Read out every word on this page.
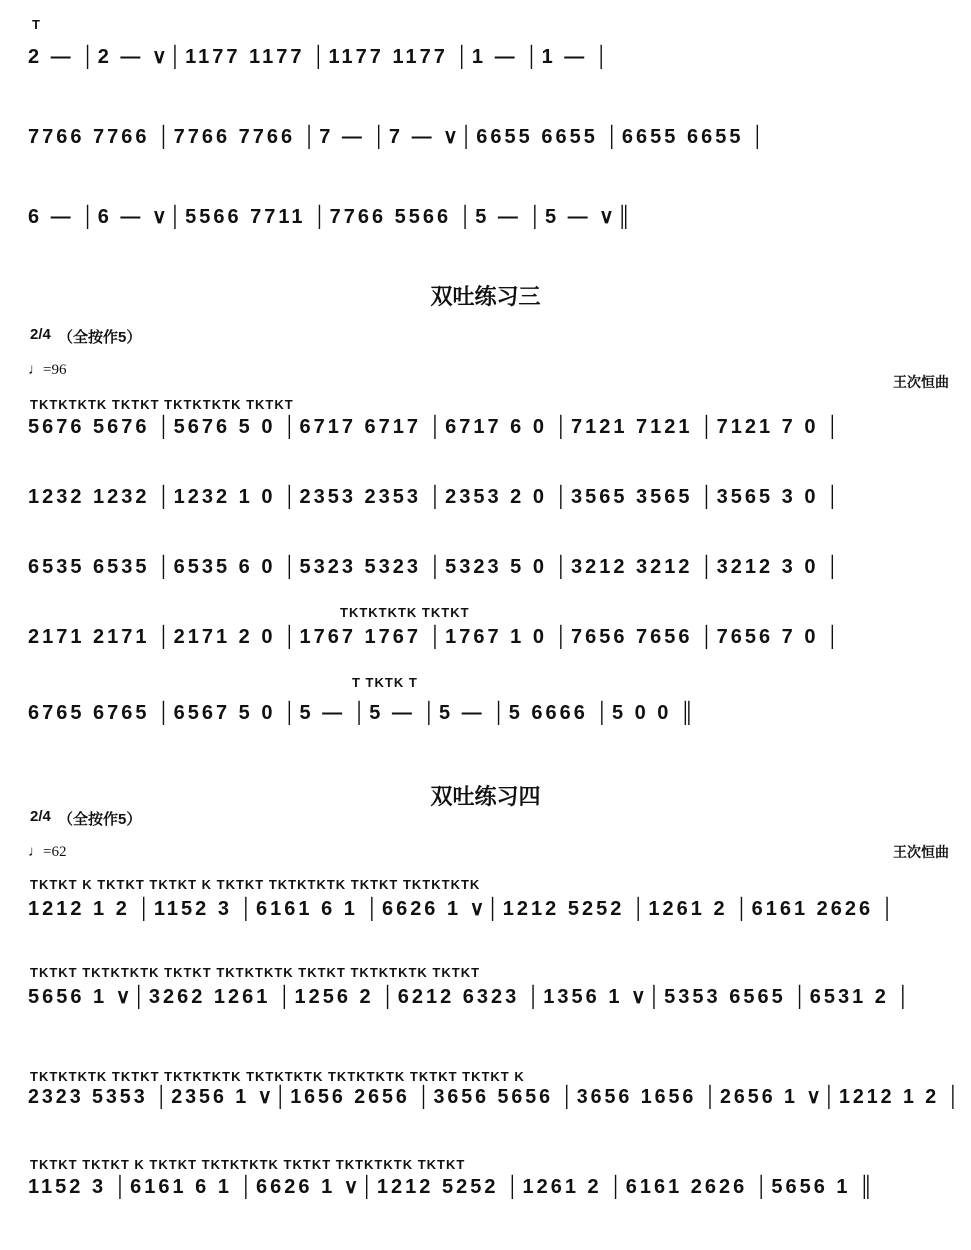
T
2 — │2 — ∨│1177 1177 │1177 1177 │1 — │1 — │
7766 7766 │7766 7766 │7 — │7 — ∨│6655 6655 │6655 6655 │
6 — │6 — ∨│5566 7711 │7766 5566 │5 — │5 — ∨║
双吐练习三
2/4 （全按作5）
♩=96
王次恒曲
TKTKTKTK TKTKT TKTKTKTK TKTKT
5676 5676 │5676 5 0 │6717 6717 │6717 6 0 │7121 7121 │7121 7 0 │
1232 1232 │1232 1 0 │2353 2353 │2353 2 0 │3565 3565 │3565 3 0 │
6535 6535 │6535 6 0 │5323 5323 │5323 5 0 │3212 3212 │3212 3 0 │
TKTKTKTK TKTKT
2171 2171 │2171 2 0 │1767 1767 │1767 1 0 │7656 7656 │7656 7 0 │
T TKTK T
6765 6765 │6567 5 0 │5 — │5 — │5 — │5 6666 │5 0 0 ║
双吐练习四
2/4 （全按作5）
♩=62	王次恒曲
TKTKT K TKTKT TKTKT K TKTKT TKTKTKTK TKTKT TKTKTKTK
1212 1 2 │1152 3 │6161 6 1 │6626 1 ∨│1212 5252 │1261 2 │6161 2626 │
TKTKT TKTKTKTK TKTKT TKTKTKTK TKTKT TKTKTKTK TKTKT
5656 1 ∨│3262 1261 │1256 2 │6212 6323 │1356 1 ∨│5353 6565 │6531 2 │
TKTKTKTK TKTKT TKTKTKTK TKTKTKTK TKTKTKTK TKTKT TKTKT K
2323 5353 │2356 1 ∨│1656 2656 │3656 5656 │3656 1656 │2656 1 ∨│1212 1 2 │
TKTKT TKTKT K TKTKT TKTKTKTK TKTKT TKTKTKTK TKTKT
1152 3 │6161 6 1 │6626 1 ∨│1212 5252 │1261 2 │6161 2626 │5656 1 ║
